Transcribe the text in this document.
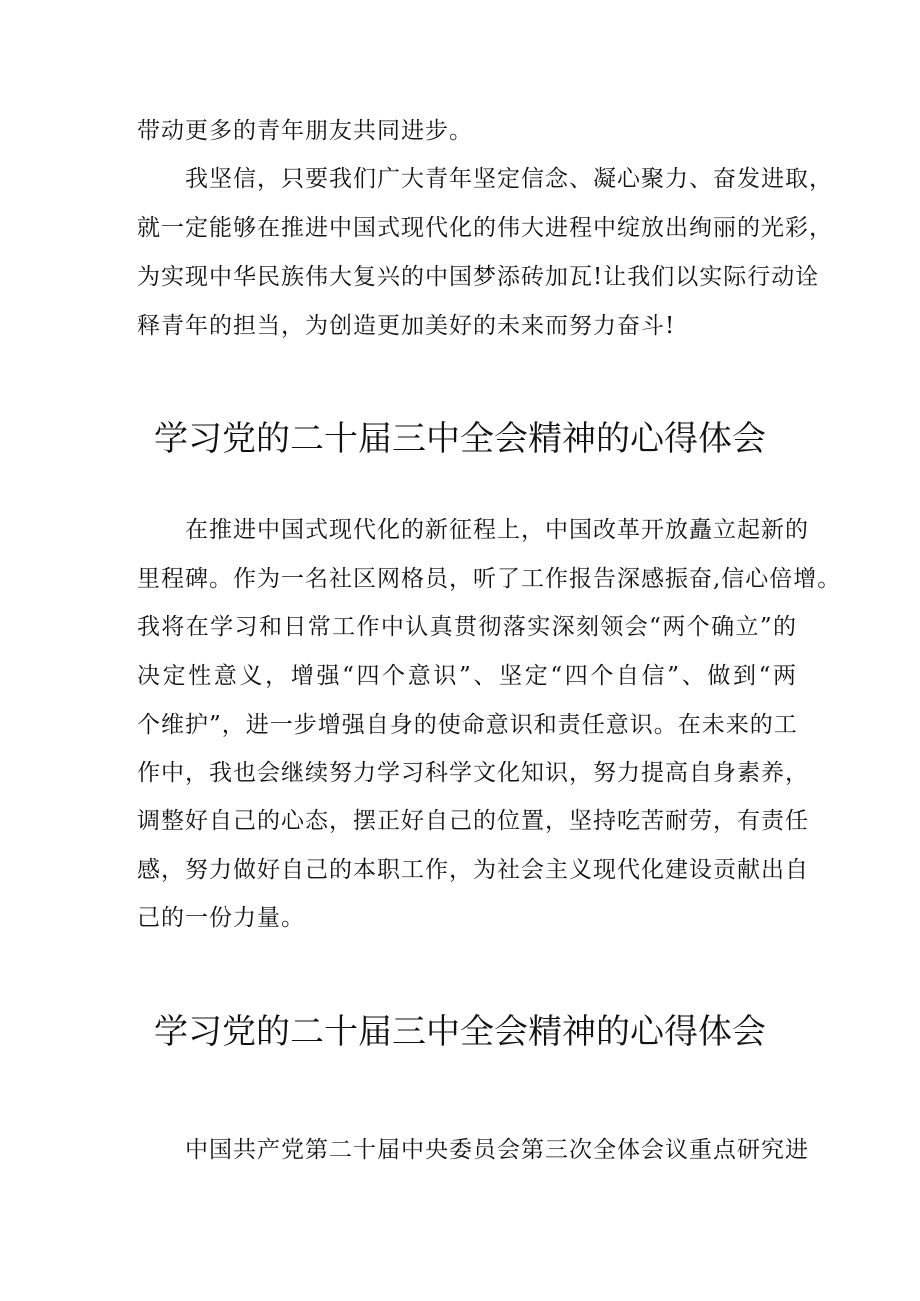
带动更多的青年朋友共同进步。
我坚信，只要我们广大青年坚定信念、凝心聚力、奋发进取，
就一定能够在推进中国式现代化的伟大进程中绽放出绚丽的光彩，
为实现中华民族伟大复兴的中国梦添砖加瓦!让我们以实际行动诠
释青年的担当，为创造更加美好的未来而努力奋斗!
学习党的二十届三中全会精神的心得体会
在推进中国式现代化的新征程上，中国改革开放矗立起新的
里程碑。作为一名社区网格员，听了工作报告深感振奋,信心倍增。
我将在学习和日常工作中认真贯彻落实深刻领会“两个确立”的
决定性意义，增强“四个意识”、坚定“四个自信”、做到“两
个维护”，进一步增强自身的使命意识和责任意识。在未来的工
作中，我也会继续努力学习科学文化知识，努力提高自身素养，
调整好自己的心态，摆正好自己的位置，坚持吃苦耐劳，有责任
感，努力做好自己的本职工作，为社会主义现代化建设贡献出自
己的一份力量。
学习党的二十届三中全会精神的心得体会
中国共产党第二十届中央委员会第三次全体会议重点研究进
